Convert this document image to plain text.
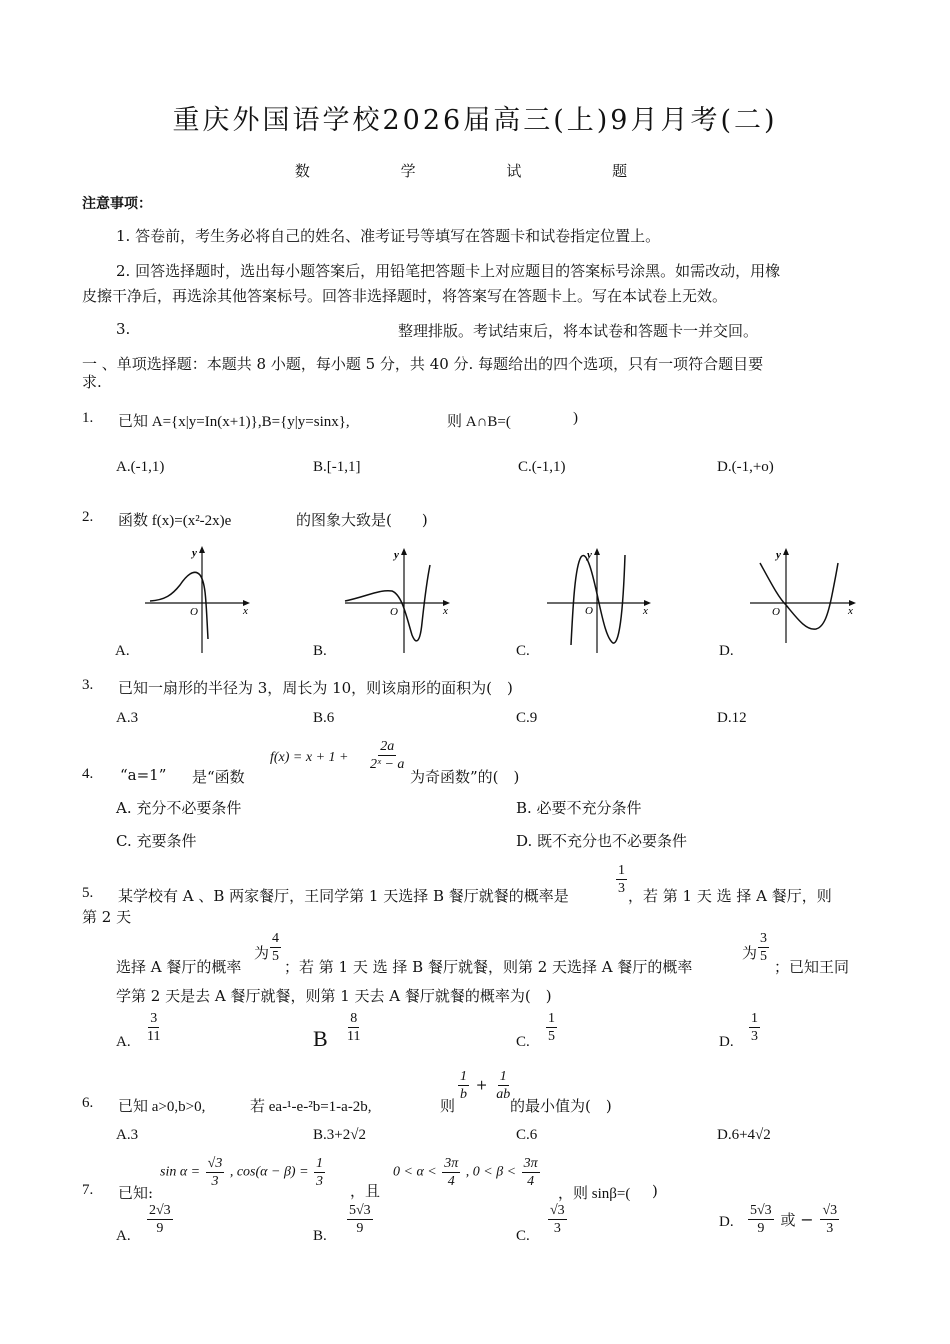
重庆外国语学校2026届高三(上)9月月考(二)
数 学 试 题
注意事项：
1. 答卷前，考生务必将自己的姓名、准考证号等填写在答题卡和试卷指定位置上。
2. 回答选择题时，选出每小题答案后，用铅笔把答题卡上对应题目的答案标号涂黑。如需改动，用橡
皮擦干净后，再选涂其他答案标号。回答非选择题时，将答案写在答题卡上。写在本试卷上无效。
3.	整理排版。考试结束后，将本试卷和答题卡一并交回。
一 、单项选择题：本题共 8 小题，每小题 5 分，共 40 分. 每题给出的四个选项，只有一项符合题目要
求.
1. 已知 A={x|y=In(x+1)},B={y|y=sinx},	则 A∩B=(	)
A.(-1,1)	B.[-1,1]	C.(-1,1)	D.(-1,+o)
2. 函数 f(x)=(x²-2x)e	的图象大致是(　　)
y
x
O
A.
y
x
O
B.
y
x
O
C.
y
x
O
D.
3. 已知一扇形的半径为 3，周长为 10，则该扇形的面积为(　)
A.3	B.6	C.9	D.12
4. “a=1” 是“函数
$f(x) = x + 1 + \frac{2a}{\text{2ˣ − a}}$
为奇函数”的(　)
A. 充分不必要条件	B. 必要不充分条件
C. 充要条件	D. 既不充分也不必要条件
5. 某学校有 A 、B 两家餐厅，王同学第 1 天选择 B 餐厅就餐的概率是	$\frac{1}{3}$ ，若 第 1 天 选 择 A 餐厅，则
第 2 天
选择 A 餐厅的概率
为 $\frac{4}{5}$
；若 第 1 天 选 择 B 餐厅就餐，则第 2 天选择 A 餐厅的概率
为 $\frac{3}{5}$
；已知王同
学第 2 天是去 A 餐厅就餐，则第 1 天去 A 餐厅就餐的概率为(　)
A. $\frac{3}{11}$	B $\frac{8}{11}$	C. $\frac{1}{5}$	D. $\frac{1}{3}$
6. 已知 a>0,b>0,	若 ea-¹-e-²b=1-a-2b,	则
$\frac{1}{b} + \frac{1}{ab}$
的最小值为(　)
A.3	B.3+2√2	C.6	D.6+4√2
7. 已知:
$\sin \alpha = \frac{√3}{3}$ , $\cos(\alpha - \beta) = \frac{1}{3}$
，且
$0 < \alpha < \frac{3\pi}{4}$ , $0 < \beta < \frac{3\pi}{4}$
，则 sinβ=( )
A. $\frac{2√3}{9}$	B. $\frac{5√3}{9}$	C. $\frac{√3}{3}$	D. $\frac{5√3}{9}$ 或 − $\frac{√3}{3}$
